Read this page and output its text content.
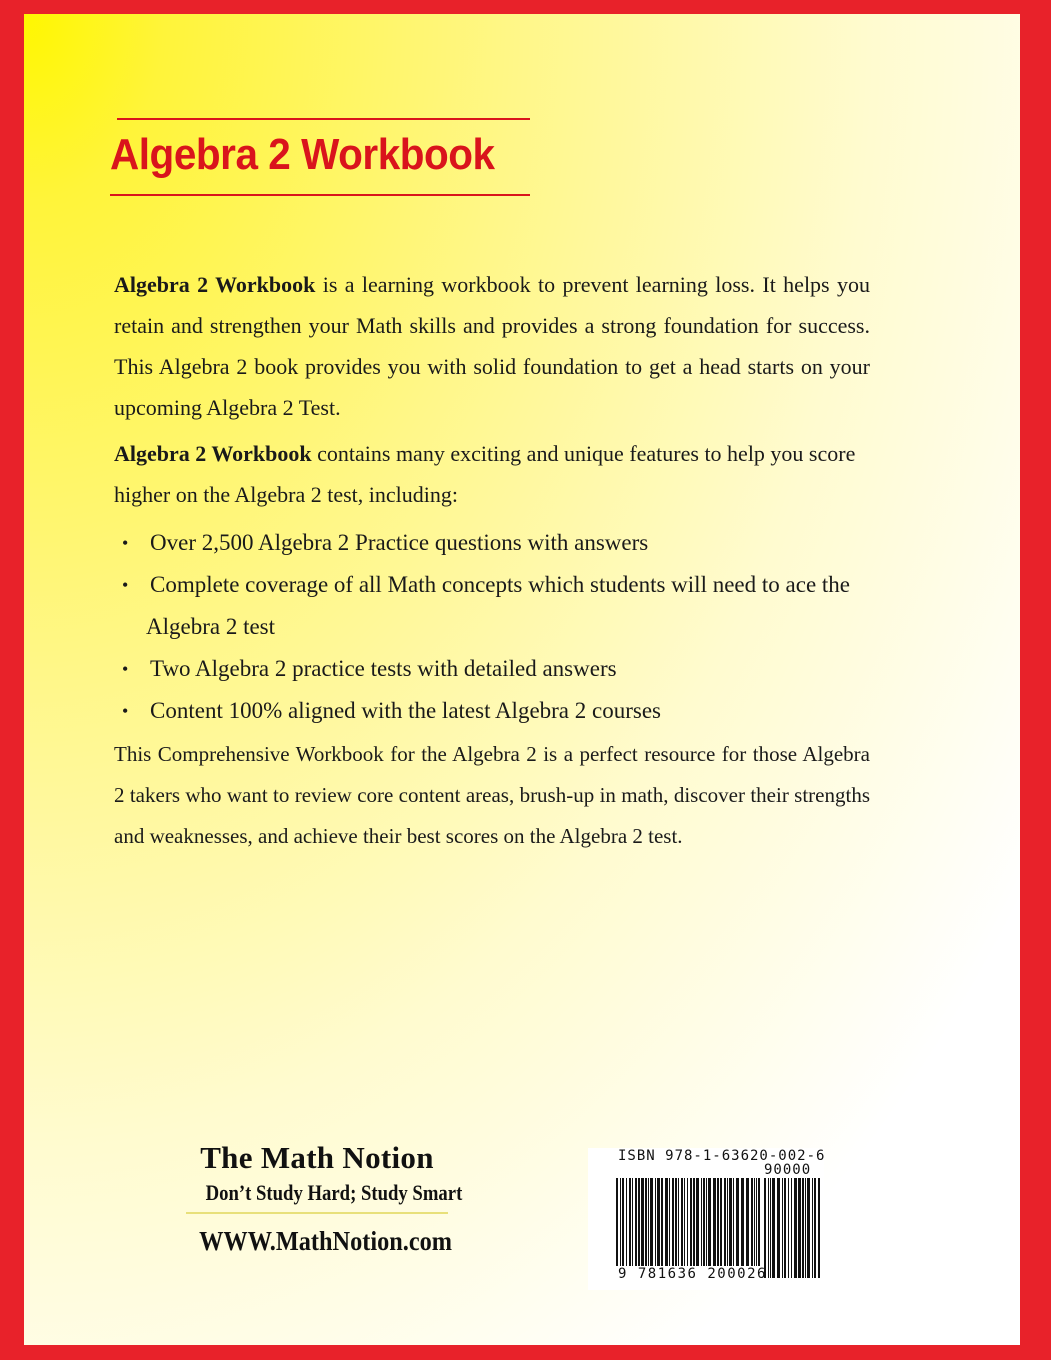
Algebra 2 Workbook
Algebra 2 Workbook is a learning workbook to prevent learning loss. It helps you retain and strengthen your Math skills and provides a strong foundation for success. This Algebra 2 book provides you with solid foundation to get a head starts on your upcoming Algebra 2 Test.
Algebra 2 Workbook contains many exciting and unique features to help you score higher on the Algebra 2 test, including:
• Over 2,500 Algebra 2 Practice questions with answers
• Complete coverage of all Math concepts which students will need to ace the
Algebra 2 test
• Two Algebra 2 practice tests with detailed answers
• Content 100% aligned with the latest Algebra 2 courses
This Comprehensive Workbook for the Algebra 2 is a perfect resource for those Algebra 2 takers who want to review core content areas, brush-up in math, discover their strengths and weaknesses, and achieve their best scores on the Algebra 2 test.
The Math Notion
Don’t Study Hard; Study Smart
WWW.MathNotion.com
ISBN 978-1-63620-002-6
90000
9 781636 200026
